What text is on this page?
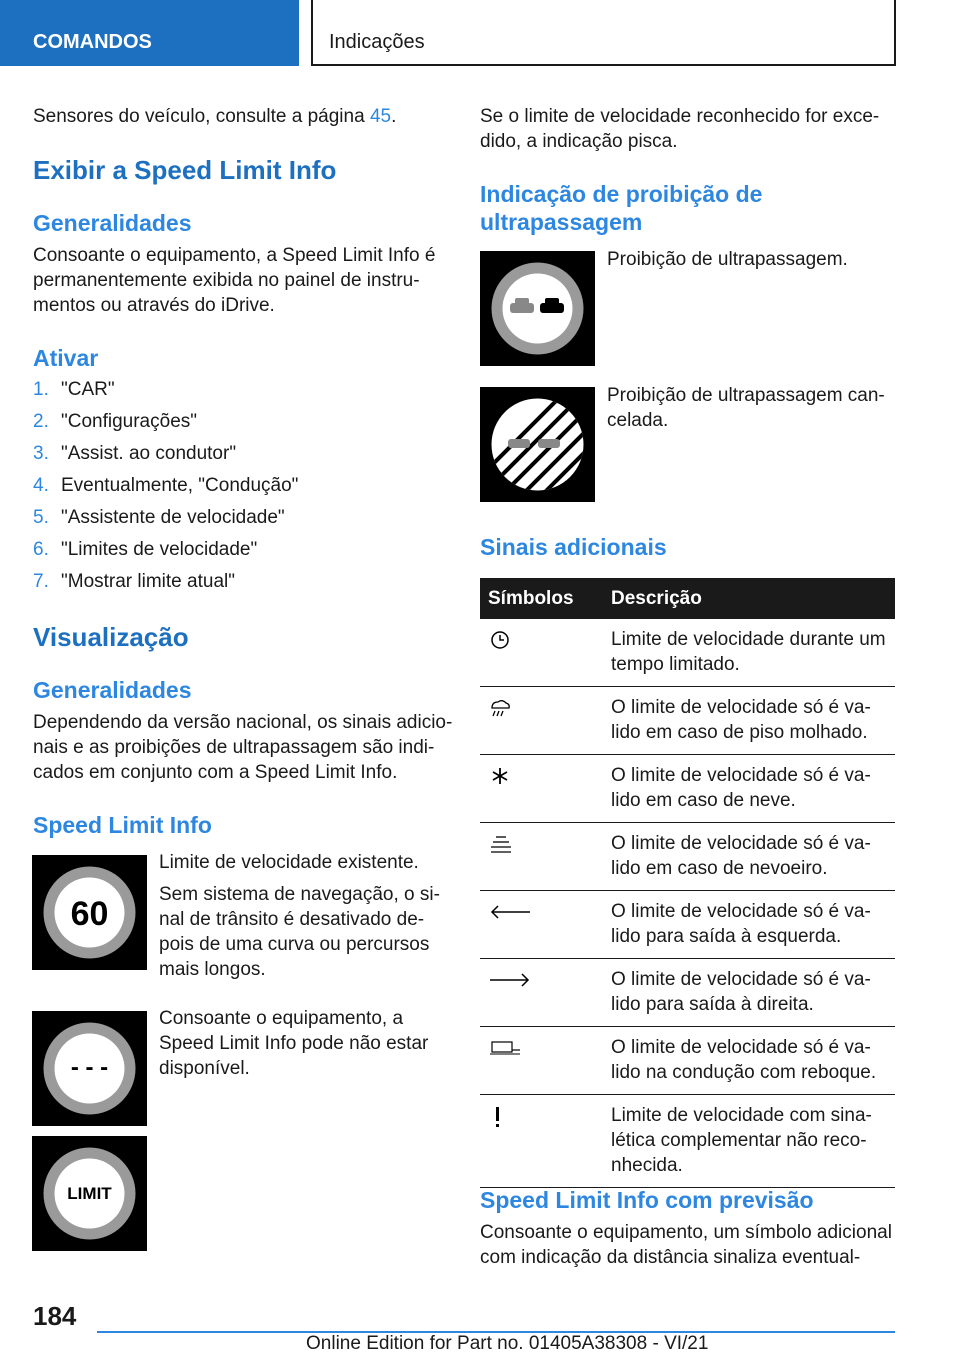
COMANDOS	Indicações
Sensores do veículo, consulte a página 45.
Exibir a Speed Limit Info
Generalidades
Consoante o equipamento, a Speed Limit Info é
permanentemente exibida no painel de instru-
mentos ou através do iDrive.
Ativar
1. "CAR"
2. "Configurações"
3. "Assist. ao condutor"
4. Eventualmente, "Condução"
5. "Assistente de velocidade"
6. "Limites de velocidade"
7. "Mostrar limite atual"
Visualização
Generalidades
Dependendo da versão nacional, os sinais adicio-
nais e as proibições de ultrapassagem são indi-
cados em conjunto com a Speed Limit Info.
Speed Limit Info
60
Limite de velocidade existente.
Sem sistema de navegação, o si-
nal de trânsito é desativado de-
pois de uma curva ou percursos
mais longos.
- - -
Consoante o equipamento, a
Speed Limit Info pode não estar
disponível.
LIMIT
Se o limite de velocidade reconhecido for exce-
dido, a indicação pisca.
Indicação de proibição de
ultrapassagem
Proibição de ultrapassagem.
Proibição de ultrapassagem can-
celada.
Sinais adicionais
Símbolos	Descrição

Limite de velocidade durante um
tempo limitado.

O limite de velocidade só é va-
lido em caso de piso molhado.

O limite de velocidade só é va-
lido em caso de neve.

O limite de velocidade só é va-
lido em caso de nevoeiro.

O limite de velocidade só é va-
lido para saída à esquerda.

O limite de velocidade só é va-
lido para saída à direita.

O limite de velocidade só é va-
lido na condução com reboque.

Limite de velocidade com sina-
lética complementar não reco-
nhecida.
Speed Limit Info com previsão
Consoante o equipamento, um símbolo adicional
com indicação da distância sinaliza eventual-
184
Online Edition for Part no. 01405A38308 - VI/21
